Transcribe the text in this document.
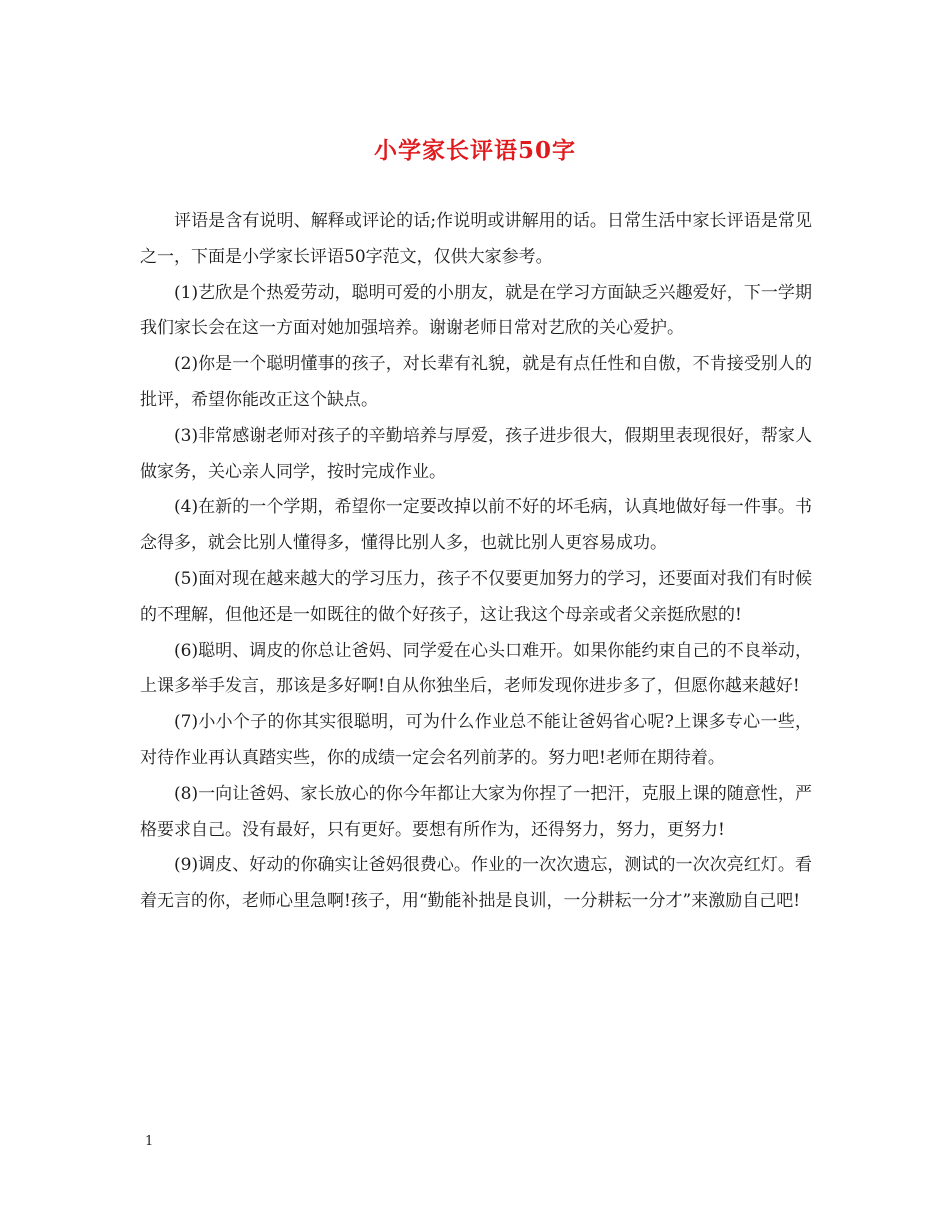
小学家长评语50字

评语是含有说明、解释或评论的话;作说明或讲解用的话。日常生活中家长评语是常见之一，下面是小学家长评语50字范文，仅供大家参考。

(1)艺欣是个热爱劳动，聪明可爱的小朋友，就是在学习方面缺乏兴趣爱好，下一学期我们家长会在这一方面对她加强培养。谢谢老师日常对艺欣的关心爱护。

(2)你是一个聪明懂事的孩子，对长辈有礼貌，就是有点任性和自傲，不肯接受别人的批评，希望你能改正这个缺点。

(3)非常感谢老师对孩子的辛勤培养与厚爱，孩子进步很大，假期里表现很好，帮家人做家务，关心亲人同学，按时完成作业。

(4)在新的一个学期，希望你一定要改掉以前不好的坏毛病，认真地做好每一件事。书念得多，就会比别人懂得多，懂得比别人多，也就比别人更容易成功。

(5)面对现在越来越大的学习压力，孩子不仅要更加努力的学习，还要面对我们有时候的不理解，但他还是一如既往的做个好孩子，这让我这个母亲或者父亲挺欣慰的!

(6)聪明、调皮的你总让爸妈、同学爱在心头口难开。如果你能约束自己的不良举动，上课多举手发言，那该是多好啊!自从你独坐后，老师发现你进步多了，但愿你越来越好!

(7)小小个子的你其实很聪明，可为什么作业总不能让爸妈省心呢?上课多专心一些，对待作业再认真踏实些，你的成绩一定会名列前茅的。努力吧!老师在期待着。

(8)一向让爸妈、家长放心的你今年都让大家为你捏了一把汗，克服上课的随意性，严格要求自己。没有最好，只有更好。要想有所作为，还得努力，努力，更努力!

(9)调皮、好动的你确实让爸妈很费心。作业的一次次遗忘，测试的一次次亮红灯。看着无言的你，老师心里急啊!孩子，用“勤能补拙是良训，一分耕耘一分才”来激励自己吧!

1
